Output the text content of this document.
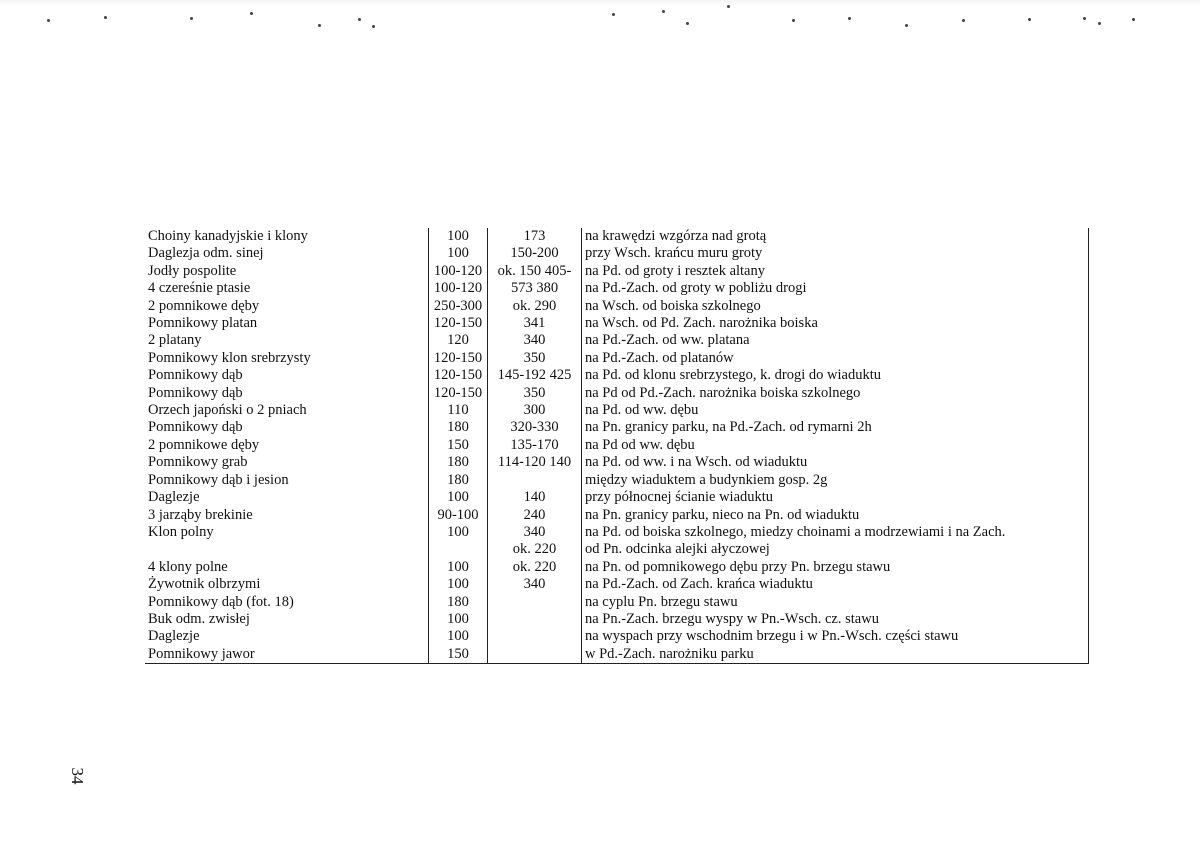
Choiny kanadyjskie i klony	100	173	na krawędzi wzgórza nad grotą
Daglezja odm. sinej	100	150-200	przy Wsch. krańcu muru groty
Jodły pospolite	100-120	ok. 150 405-	na Pd. od groty i resztek altany
4 czereśnie ptasie	100-120	573 380	na Pd.-Zach. od groty w pobliżu drogi
2 pomnikowe dęby	250-300	ok. 290	na Wsch. od boiska szkolnego
Pomnikowy platan	120-150	341	na Wsch. od Pd. Zach. narożnika boiska
2 platany	120	340	na Pd.-Zach. od ww. platana
Pomnikowy klon srebrzysty	120-150	350	na Pd.-Zach. od platanów
Pomnikowy dąb	120-150	145-192 425	na Pd. od klonu srebrzystego, k. drogi do wiaduktu
Pomnikowy dąb	120-150	350	na Pd od Pd.-Zach. narożnika boiska szkolnego
Orzech japoński o 2 pniach	110	300	na Pd. od ww. dębu
Pomnikowy dąb	180	320-330	na Pn. granicy parku, na Pd.-Zach. od rymarni 2h
2 pomnikowe dęby	150	135-170	na Pd od ww. dębu
Pomnikowy grab	180	114-120 140	na Pd. od ww. i na Wsch. od wiaduktu
Pomnikowy dąb i jesion	180		między wiaduktem a budynkiem gosp. 2g
Daglezje	100	140	przy północnej ścianie wiaduktu
3 jarząby brekinie	90-100	240	na Pn. granicy parku, nieco na Pn. od wiaduktu
Klon polny	100	340	na Pd. od boiska szkolnego, miedzy choinami a modrzewiami i na Zach.
		ok. 220	od Pn. odcinka alejki ałyczowej
4 klony polne	100	ok. 220	na Pn. od pomnikowego dębu przy Pn. brzegu stawu
Żywotnik olbrzymi	100	340	na Pd.-Zach. od Zach. krańca wiaduktu
Pomnikowy dąb (fot. 18)	180		na cyplu Pn. brzegu stawu
Buk odm. zwisłej	100		na Pn.-Zach. brzegu wyspy w Pn.-Wsch. cz. stawu
Daglezje	100		na wyspach przy wschodnim brzegu i w Pn.-Wsch. części stawu
Pomnikowy jawor	150		w Pd.-Zach. narożniku parku
34
